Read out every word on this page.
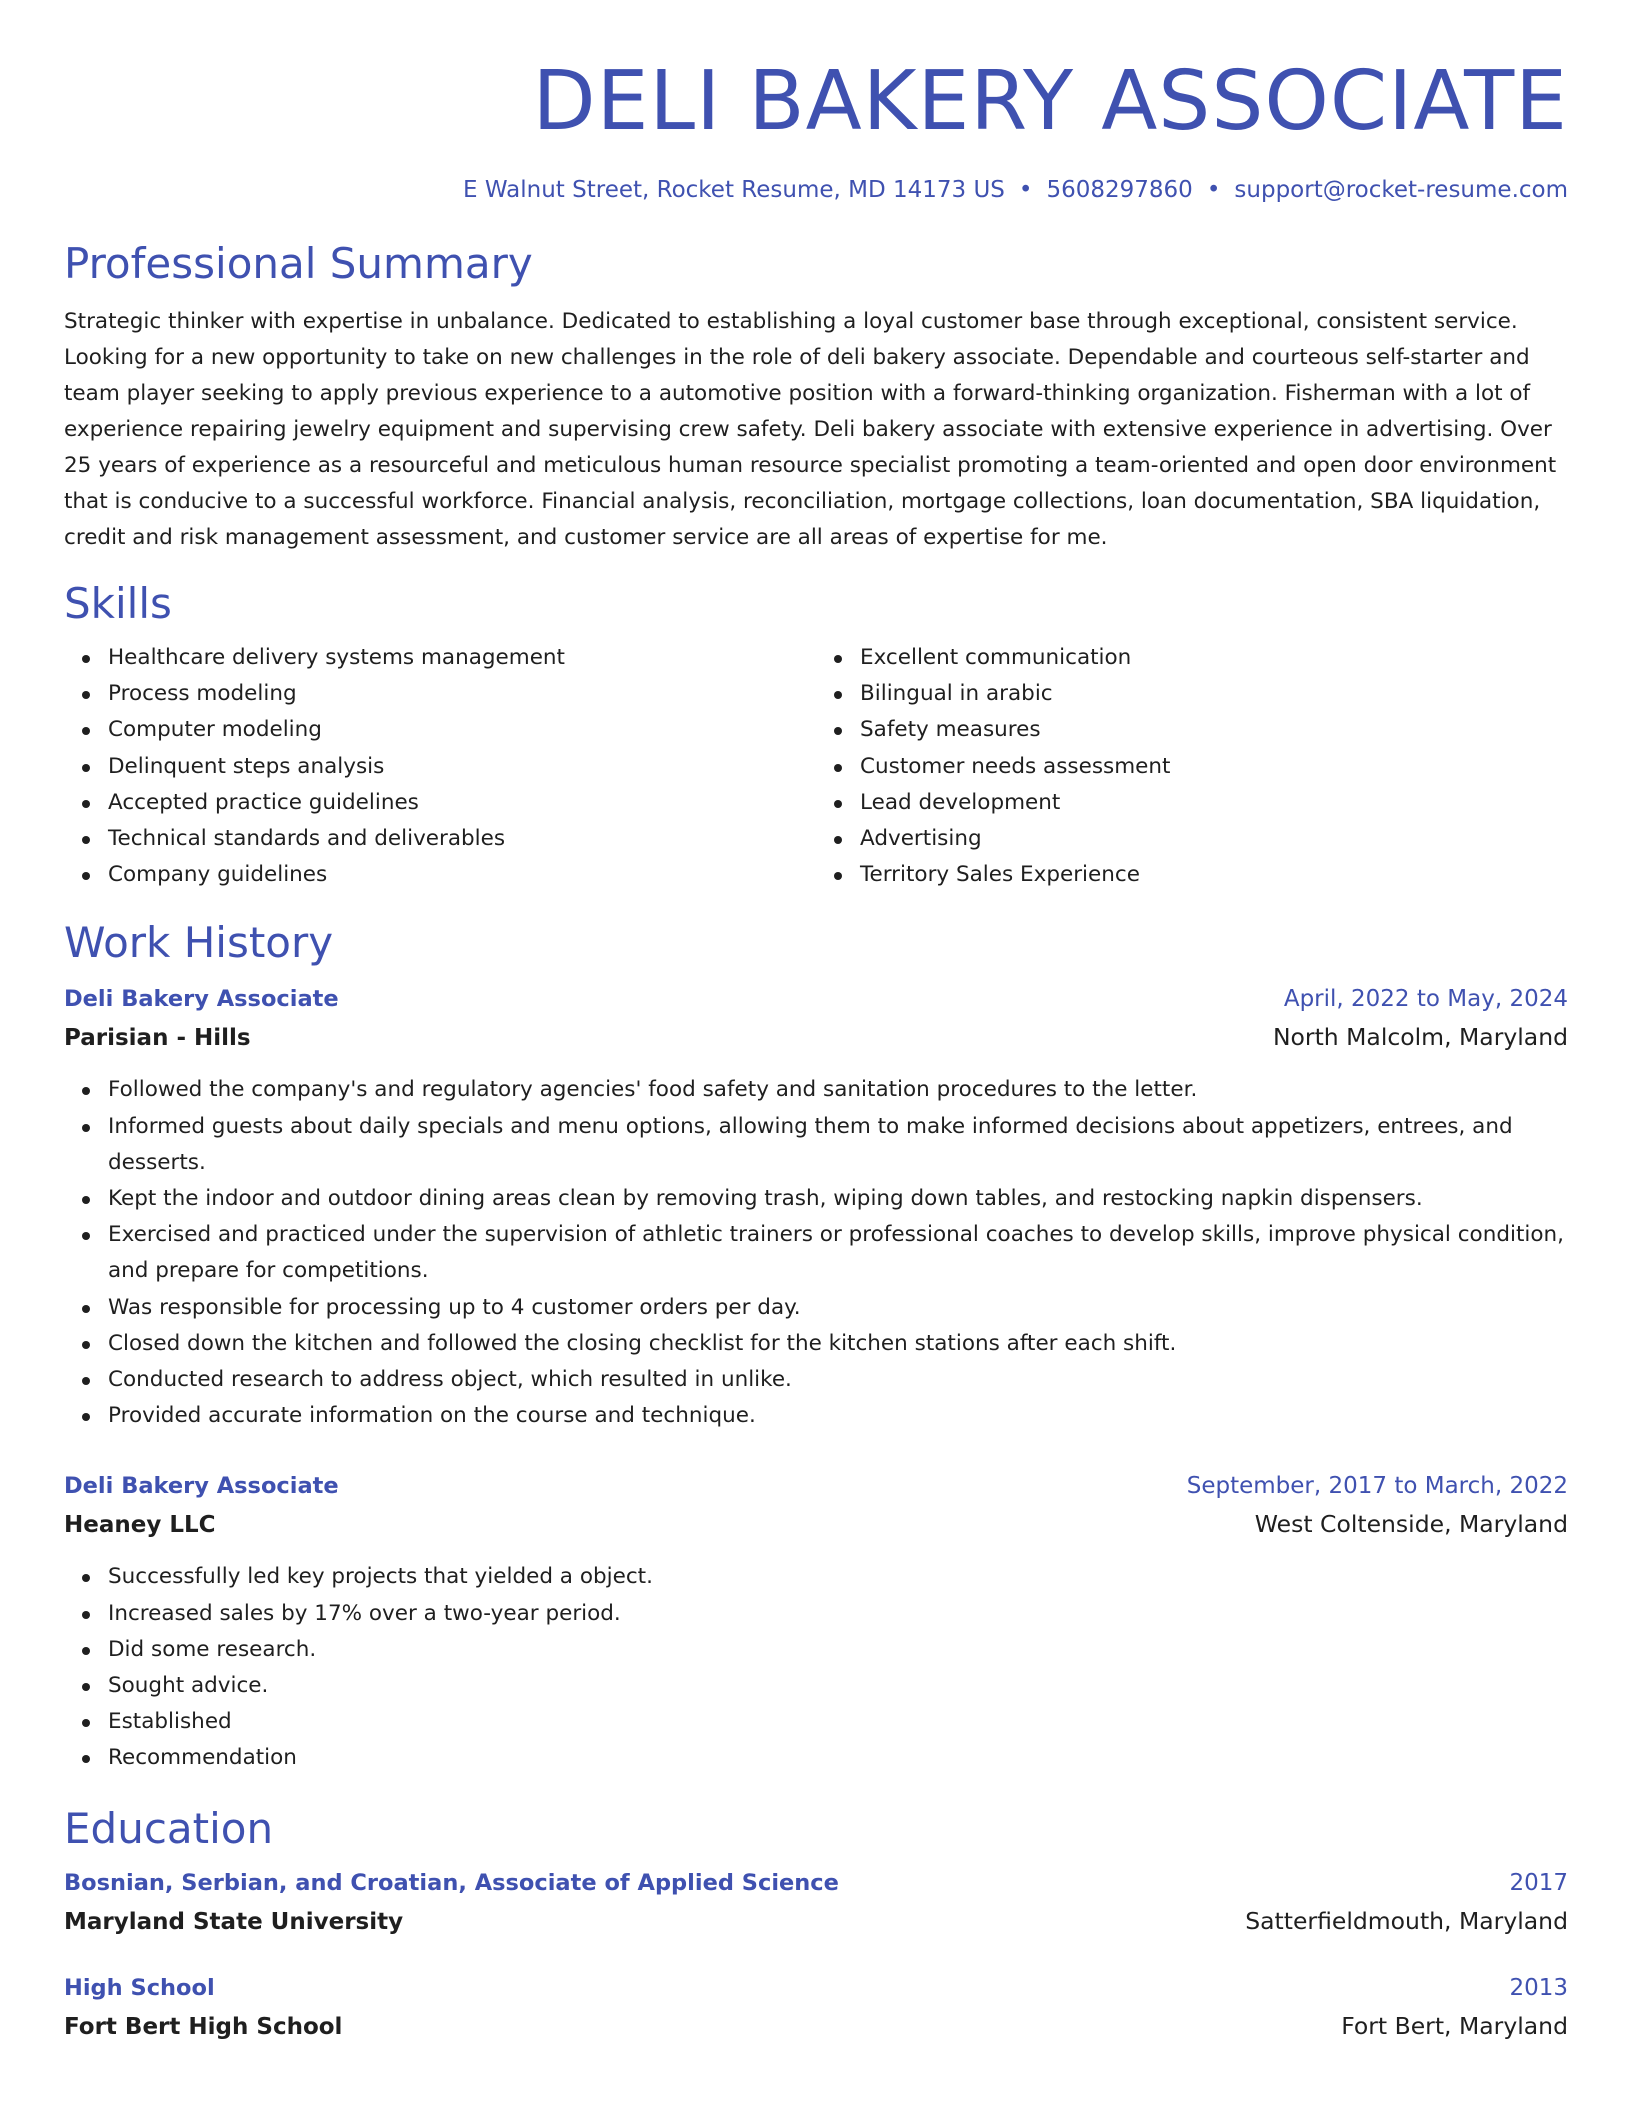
DELI BAKERY ASSOCIATE
E Walnut Street, Rocket Resume, MD 14173 US • 5608297860 • support@rocket-resume.com
Professional Summary

Strategic thinker with expertise in unbalance. Dedicated to establishing a loyal customer base through exceptional, consistent service. Looking for a new opportunity to take on new challenges in the role of deli bakery associate. Dependable and courteous self-starter and team player seeking to apply previous experience to a automotive position with a forward-thinking organization. Fisherman with a lot of experience repairing jewelry equipment and supervising crew safety. Deli bakery associate with extensive experience in advertising. Over 25 years of experience as a resourceful and meticulous human resource specialist promoting a team-oriented and open door environment that is conducive to a successful workforce. Financial analysis, reconciliation, mortgage collections, loan documentation, SBA liquidation, credit and risk management assessment, and customer service are all areas of expertise for me.

Skills
Healthcare delivery systems management
Process modeling
Computer modeling
Delinquent steps analysis
Accepted practice guidelines
Technical standards and deliverables
Company guidelines
Excellent communication
Bilingual in arabic
Safety measures
Customer needs assessment
Lead development
Advertising
Territory Sales Experience
Work History
Deli Bakery Associate	April, 2022 to May, 2024
Parisian - Hills	North Malcolm, Maryland
Followed the company's and regulatory agencies' food safety and sanitation procedures to the letter.
Informed guests about daily specials and menu options, allowing them to make informed decisions about appetizers, entrees, and desserts.
Kept the indoor and outdoor dining areas clean by removing trash, wiping down tables, and restocking napkin dispensers.
Exercised and practiced under the supervision of athletic trainers or professional coaches to develop skills, improve physical condition, and prepare for competitions.
Was responsible for processing up to 4 customer orders per day.
Closed down the kitchen and followed the closing checklist for the kitchen stations after each shift.
Conducted research to address object, which resulted in unlike.
Provided accurate information on the course and technique.
Deli Bakery Associate	September, 2017 to March, 2022
Heaney LLC	West Coltenside, Maryland
Successfully led key projects that yielded a object.
Increased sales by 17% over a two-year period.
Did some research.
Sought advice.
Established
Recommendation
Education
Bosnian, Serbian, and Croatian, Associate of Applied Science	2017
Maryland State University	Satterfieldmouth, Maryland
High School	2013
Fort Bert High School	Fort Bert, Maryland
